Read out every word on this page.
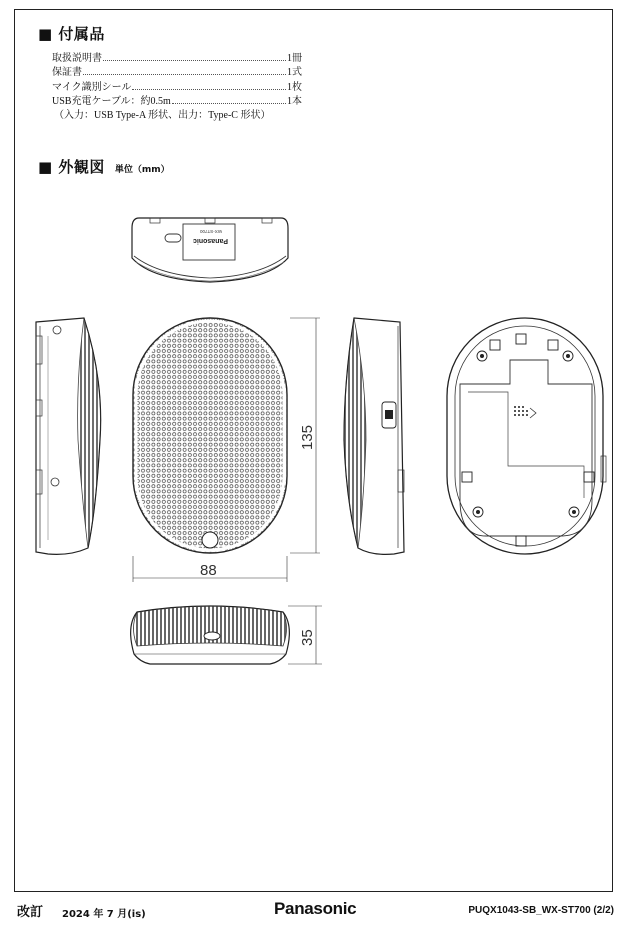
■ 付属品
取扱説明書	1冊
保証書	1式
マイク識別シール	1枚
USB充電ケーブル：約0.5m	1本
（入力：USB Type-A 形状、出力：Type-C 形状）
■ 外観図 単位（mm）
Panasonic
WX-ST700
135
88
35
改訂 2024 年 7 月(is)	Panasonic	PUQX1043-SB_WX-ST700 (2/2)
